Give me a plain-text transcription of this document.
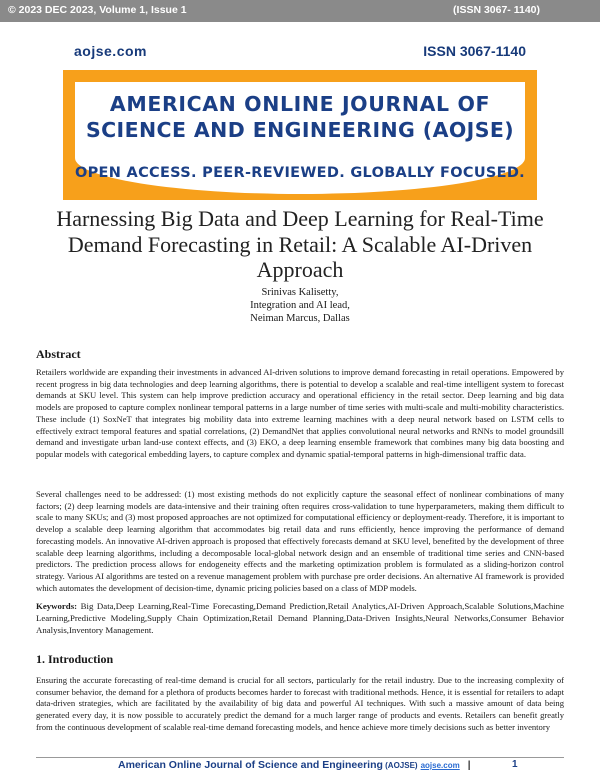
© 2023 DEC 2023, Volume 1, Issue 1	(ISSN 3067- 1140)
aojse.com	ISSN 3067-1140
AMERICAN ONLINE JOURNAL OF
SCIENCE AND ENGINEERING (AOJSE)
OPEN ACCESS. PEER-REVIEWED. GLOBALLY FOCUSED.
Harnessing Big Data and Deep Learning for Real-Time Demand Forecasting in Retail: A Scalable AI-Driven Approach
Srinivas Kalisetty,
Integration and AI lead,
Neiman Marcus, Dallas
Abstract
Retailers worldwide are expanding their investments in advanced AI-driven solutions to improve demand forecasting in retail operations. Empowered by recent progress in big data technologies and deep learning algorithms, there is potential to develop a scalable and real-time intelligent system to forecast demands at SKU level. This system can help improve prediction accuracy and operational efficiency in the retail sector. Deep learning and big data models are proposed to capture complex nonlinear temporal patterns in a large number of time series with multi-scale and multi-mobility characteristics. These include (1) SoxNeT that integrates big mobility data into extreme learning machines with a deep neural network based on LSTM cells to effectively extract temporal features and spatial correlations, (2) DemandNet that applies convolutional neural networks and RNNs to model groundsill demand and investigate urban land-use context effects, and (3) EKO, a deep learning ensemble framework that combines many big data boosting and popular models with categorical embedding layers, to capture complex and dynamic spatial-temporal patterns in high-dimensional traffic data.
Several challenges need to be addressed: (1) most existing methods do not explicitly capture the seasonal effect of nonlinear combinations of many factors; (2) deep learning models are data-intensive and their training often requires cross-validation to tune hyperparameters, making them difficult to scale to many SKUs; and (3) most proposed approaches are not optimized for computational efficiency or deployment-ready. Therefore, it is important to develop a scalable deep learning algorithm that accommodates big retail data and runs efficiently, hence improving the performance of demand forecasting models. An innovative AI-driven approach is proposed that effectively forecasts demand at SKU level, benefited by the development of three scalable deep learning algorithms, including a decomposable local-global network design and an ensemble of traditional time series and CNN-based predictors. The prediction process allows for endogeneity effects and the marketing optimization problem is formulated as a sliding-horizon control strategy. Various AI algorithms are tested on a revenue management problem with purchase pre order decisions. An alternative AI framework is provided which automates the development of decision-time, dynamic pricing policies based on a class of MDP models.
Keywords: Big Data,Deep Learning,Real-Time Forecasting,Demand Prediction,Retail Analytics,AI-Driven Approach,Scalable Solutions,Machine Learning,Predictive Modeling,Supply Chain Optimization,Retail Demand Planning,Data-Driven Insights,Neural Networks,Consumer Behavior Analysis,Inventory Management.
1. Introduction
Ensuring the accurate forecasting of real-time demand is crucial for all sectors, particularly for the retail industry. Due to the increasing complexity of consumer behavior, the demand for a plethora of products becomes harder to forecast with traditional methods. Hence, it is essential for retailers to adapt data-driven strategies, which are facilitated by the availability of big data and powerful AI techniques. With such a massive amount of data being generated every day, it is now possible to accurately predict the demand for a much larger range of products and events. Retailers can benefit greatly from the continuous development of scalable real-time demand forecasting models, and hence achieve more timely decisions such as better inventory
American Online Journal of Science and Engineering (AOJSE) aojse.com |	1
